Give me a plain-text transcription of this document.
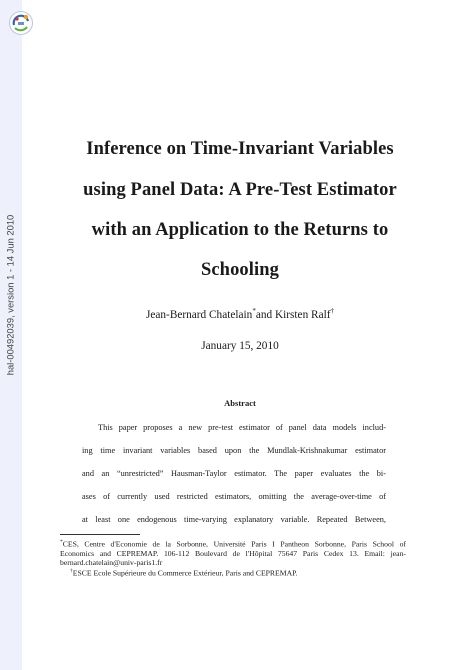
hal-00492039, version 1 - 14 Jun 2010
Inference on Time-Invariant Variables
using Panel Data: A Pre-Test Estimator
with an Application to the Returns to
Schooling
Jean-Bernard Chatelain*and Kirsten Ralf†
January 15, 2010
Abstract
This paper proposes a new pre-test estimator of panel data models includ-
ing time invariant variables based upon the Mundlak-Krishnakumar estimator
and an “unrestricted” Hausman-Taylor estimator. The paper evaluates the bi-
ases of currently used restricted estimators, omitting the average-over-time of
at least one endogenous time-varying explanatory variable. Repeated Between,
*CES, Centre d'Economie de la Sorbonne, Université Paris I Pantheon Sorbonne, Paris School of
Economics and CEPREMAP. 106-112 Boulevard de l'Hôpital 75647 Paris Cedex 13. Email: jean-
bernard.chatelain@univ-paris1.fr
†ESCE Ecole Supérieure du Commerce Extérieur, Paris and CEPREMAP.
